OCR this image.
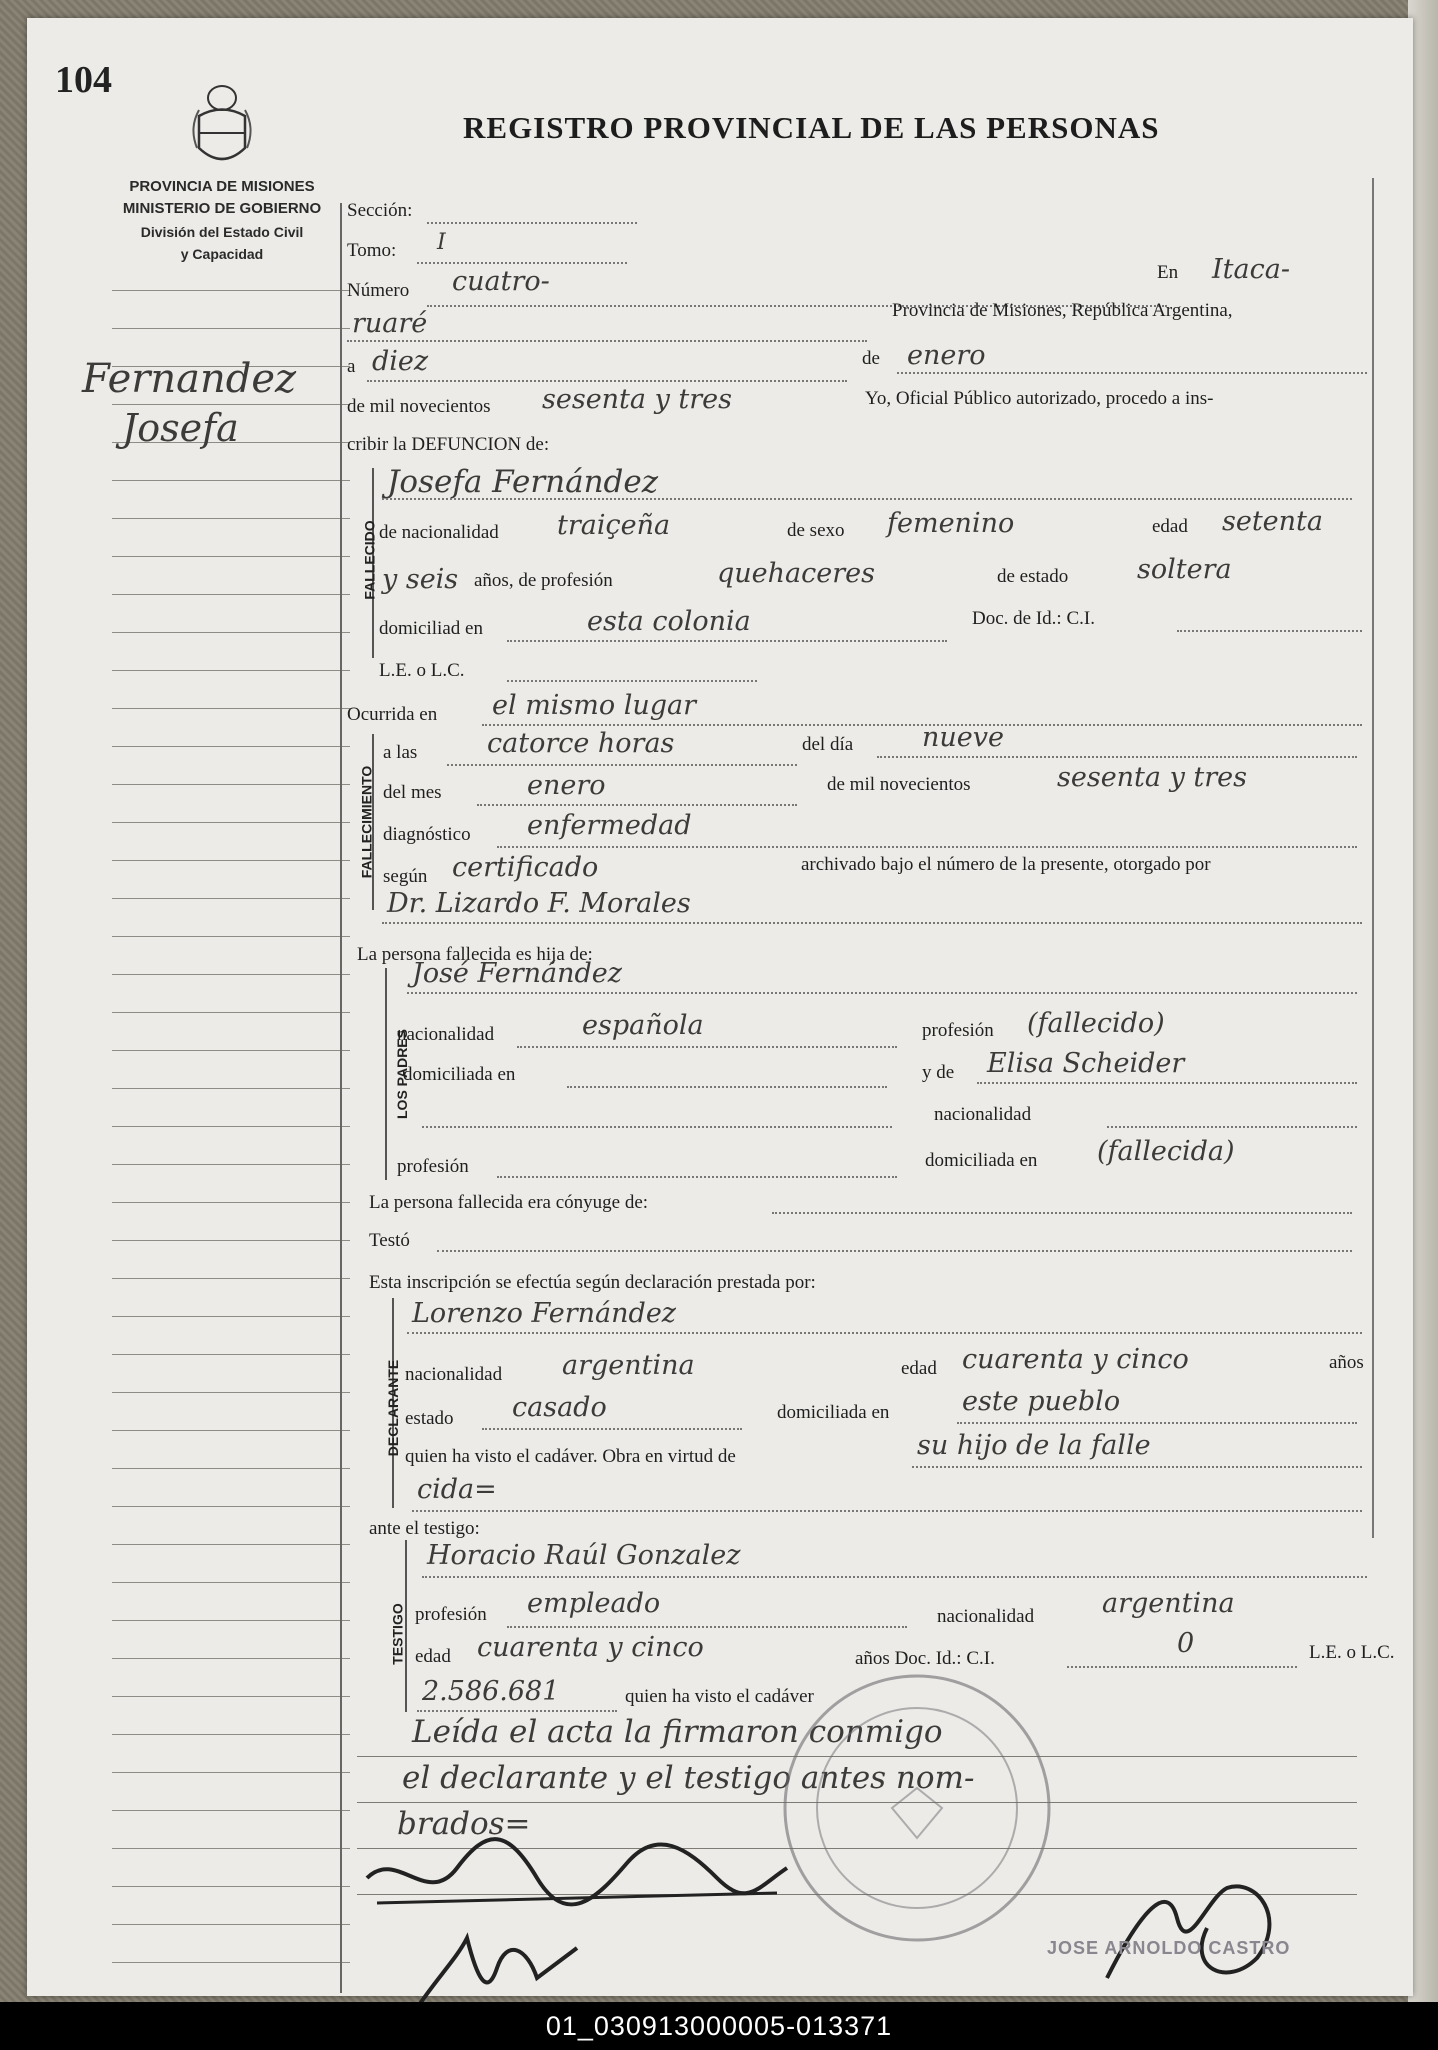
104
REGISTRO PROVINCIAL DE LAS PERSONAS
PROVINCIA DE MISIONES
MINISTERIO DE GOBIERNO
División del Estado Civil
y Capacidad
Fernandez
Josefa
Sección:
Tomo: I
Número cuatro-	En Itaca-
ruaré	Provincia de Misiones, República Argentina,
a diez	de enero
de mil novecientos sesenta y tres	Yo, Oficial Público autorizado, procedo a ins-
cribir la DEFUNCION de:
FALLECIDO
Josefa Fernández
de nacionalidad traiçeña	de sexo femenino	edad setenta
y seis años, de profesión	quehaceres	de estado	soltera
domiciliad en	esta colonia	Doc. de Id.: C.I.
L.E. o L.C.
Ocurrida en el mismo lugar
FALLECIMIENTO
a las	catorce horas	del día	nueve
del mes	enero	de mil novecientos	sesenta y tres
diagnóstico enfermedad
según certificado	archivado bajo el número de la presente, otorgado por
Dr. Lizardo F. Morales
La persona fallecida es hija de:
LOS PADRES
José Fernández
nacionalidad	española	profesión (fallecido)
domiciliada en	y de Elisa Scheider
nacionalidad
profesión	domiciliada en (fallecida)
La persona fallecida era cónyuge de:
Testó
Esta inscripción se efectúa según declaración prestada por:
DECLARANTE
Lorenzo Fernández
nacionalidad argentina	edad cuarenta y cinco	años
estado casado	domiciliada en	este pueblo
quien ha visto el cadáver. Obra en virtud de	su hijo de la falle
cida=
ante el testigo:
TESTIGO
Horacio Raúl Gonzalez
profesión empleado	nacionalidad	argentina
edad cuarenta y cinco	años Doc. Id.: C.I.	0	L.E. o L.C.
2.586.681	quien ha visto el cadáver
Leída el acta la firmaron conmigo
el declarante y el testigo antes nom-
brados=
JOSE ARNOLDO CASTRO
01_030913000005-013371
